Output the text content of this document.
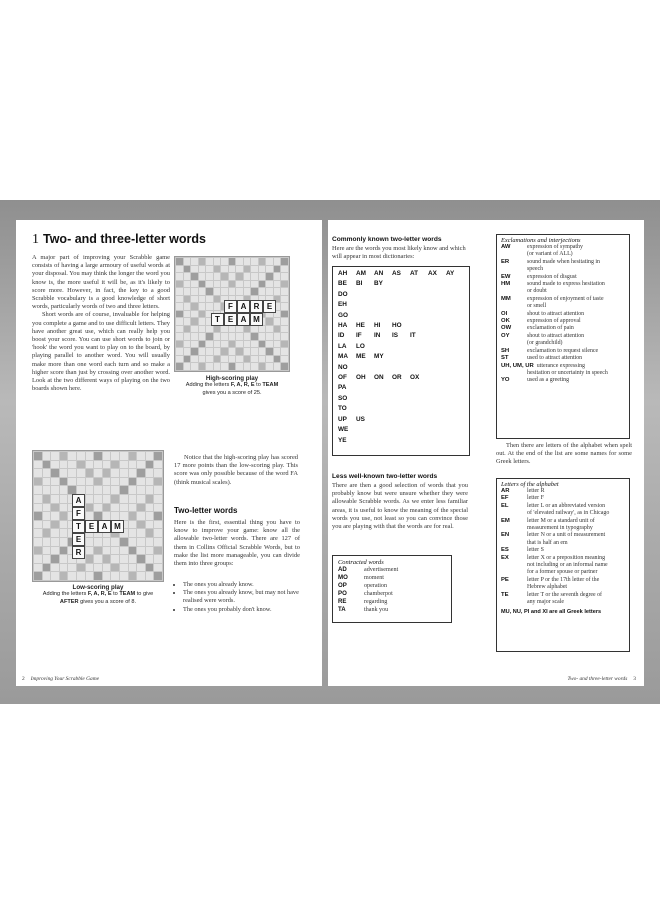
1 Two- and three-letter words

A major part of improving your Scrabble game consists of having a large armoury of useful words at your disposal. You may think the longer the word you know is, the more useful it will be, as it's likely to score more. However, in fact, the key to a good Scrabble vocabulary is a good knowledge of short words, particularly words of two and three letters.

Short words are of course, invaluable for helping you complete a game and to use difficult letters. They have another great use, which can really help you boost your score. You can use short words to join or 'hook' the word you want to play on to the board, by playing parallel to another word. You will usually make more than one word each turn and so make a higher score than just by crossing over another word. Look at the two different ways of playing on the two boards shown here.

F A R E
T E A M
High-scoring play
Adding the letters F, A, R, E to TEAM
gives you a score of 25.
A
F
E
R
T E A M
Low-scoring play
Adding the letters F, A, R, E to TEAM to give
AFTER gives you a score of 8.
Notice that the high-scoring play has scored 17 more points than the low-scoring play. This score was only possible because of the word FA (think musical scales).
Two-letter words
Here is the first, essential thing you have to know to improve your game: know all the allowable two-letter words. There are 127 of them in Collins Official Scrabble Words, but to make the list more manageable, you can divide them into three groups:
• The ones you already know.
• The ones you already know, but may not have realised were words.
• The ones you probably don't know.
2 Improving Your Scrabble Game
Commonly known two-letter words
Here are the words you most likely know and which will appear in most dictionaries:
AH	AM	AN	AS	AT	AX	AY
BE	BI	BY
DO
EH
GO
HA	HE	HI	HO
ID	IF	IN	IS	IT
LA	LO
MA	ME	MY
NO
OF	OH	ON	OR	OX
PA
SO
TO
UP	US
WE
YE
Exclamations and interjections
AW	expression of sympathy
(or variant of ALL)
ER	sound made when hesitating in
speech
EW	expression of disgust
HM	sound made to express hesitation
or doubt
MM	expression of enjoyment of taste
or smell
OI	shout to attract attention
OK	expression of approval
OW	exclamation of pain
OY	shout to attract attention
(or grandchild)
SH	exclamation to request silence
ST	used to attract attention
UH, UM, UR utterance expressing
hesitation or uncertainty in speech
YO	used as a greeting
Then there are letters of the alphabet when spelt out. At the end of the list are some names for some Greek letters.
Less well-known two-letter words
There are then a good selection of words that you probably know but were unsure whether they were allowable Scrabble words. As we enter less familiar areas, it is useful to know the meaning of the special words you use, not least so you can convince those you are playing with that the words are for real.
Contracted words
AD	advertisement
MO	moment
OP	operation
PO	chamberpot
RE	regarding
TA	thank you
Letters of the alphabet
AR	letter R
EF	letter F
EL	letter L or an abbreviated version
of 'elevated railway', as in Chicago
EM	letter M or a standard unit of
measurement in typography
EN	letter N or a unit of measurement
that is half an em
ES	letter S
EX	letter X or a preposition meaning
not including or an informal name
for a former spouse or partner
PE	letter P or the 17th letter of the
Hebrew alphabet
TE	letter T or the seventh degree of
any major scale
MU, NU, PI and XI are all Greek letters
Two- and three-letter words 3
